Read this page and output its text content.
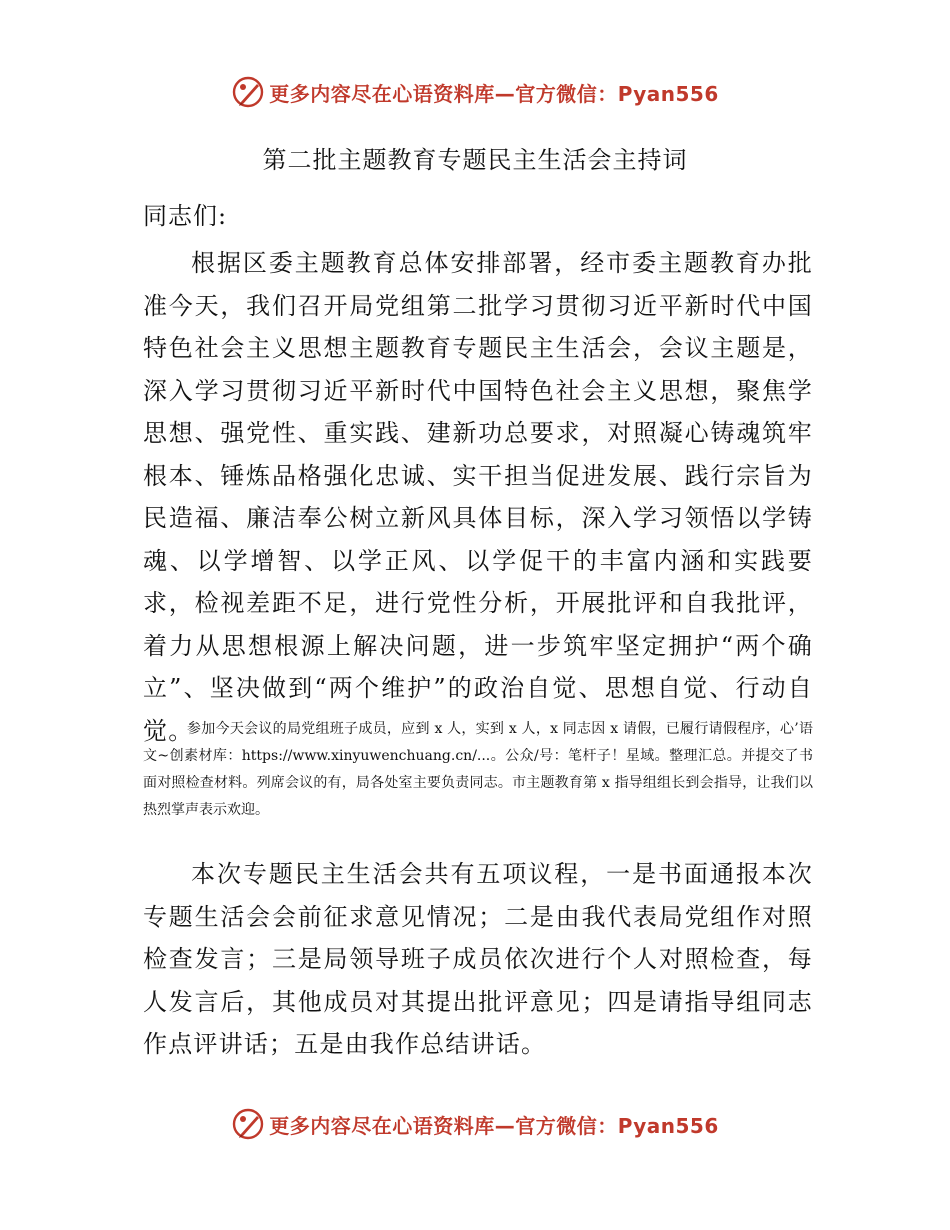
更多内容尽在心语资料库—官方微信：Pyan556
第二批主题教育专题民主生活会主持词
同志们:

根据区委主题教育总体安排部署，经市委主题教育办批准今天，我们召开局党组第二批学习贯彻习近平新时代中国特色社会主义思想主题教育专题民主生活会，会议主题是，深入学习贯彻习近平新时代中国特色社会主义思想，聚焦学思想、强党性、重实践、建新功总要求，对照凝心铸魂筑牢根本、锤炼品格强化忠诚、实干担当促进发展、践行宗旨为民造福、廉洁奉公树立新风具体目标，深入学习领悟以学铸魂、以学增智、以学正风、以学促干的丰富内涵和实践要求，检视差距不足，进行党性分析，开展批评和自我批评，着力从思想根源上解决问题，进一步筑牢坚定拥护“两个确立”、坚决做到“两个维护”的政治自觉、思想自觉、行动自觉。

参加今天会议的局党组班子成员，应到 x 人，实到 x 人，x 同志因 x 请假，已履行请假程序，心’语文~创素材库：https://www.xinyuwenchuang.cn/...。公众/号：笔杆子！星域。整理汇总。并提交了书面对照检查材料。列席会议的有，局各处室主要负责同志。市主题教育第 x 指导组组长到会指导，让我们以热烈掌声表示欢迎。

本次专题民主生活会共有五项议程，一是书面通报本次专题生活会会前征求意见情况；二是由我代表局党组作对照检查发言；三是局领导班子成员依次进行个人对照检查，每人发言后，其他成员对其提出批评意见；四是请指导组同志作点评讲话；五是由我作总结讲话。

更多内容尽在心语资料库—官方微信：Pyan556
